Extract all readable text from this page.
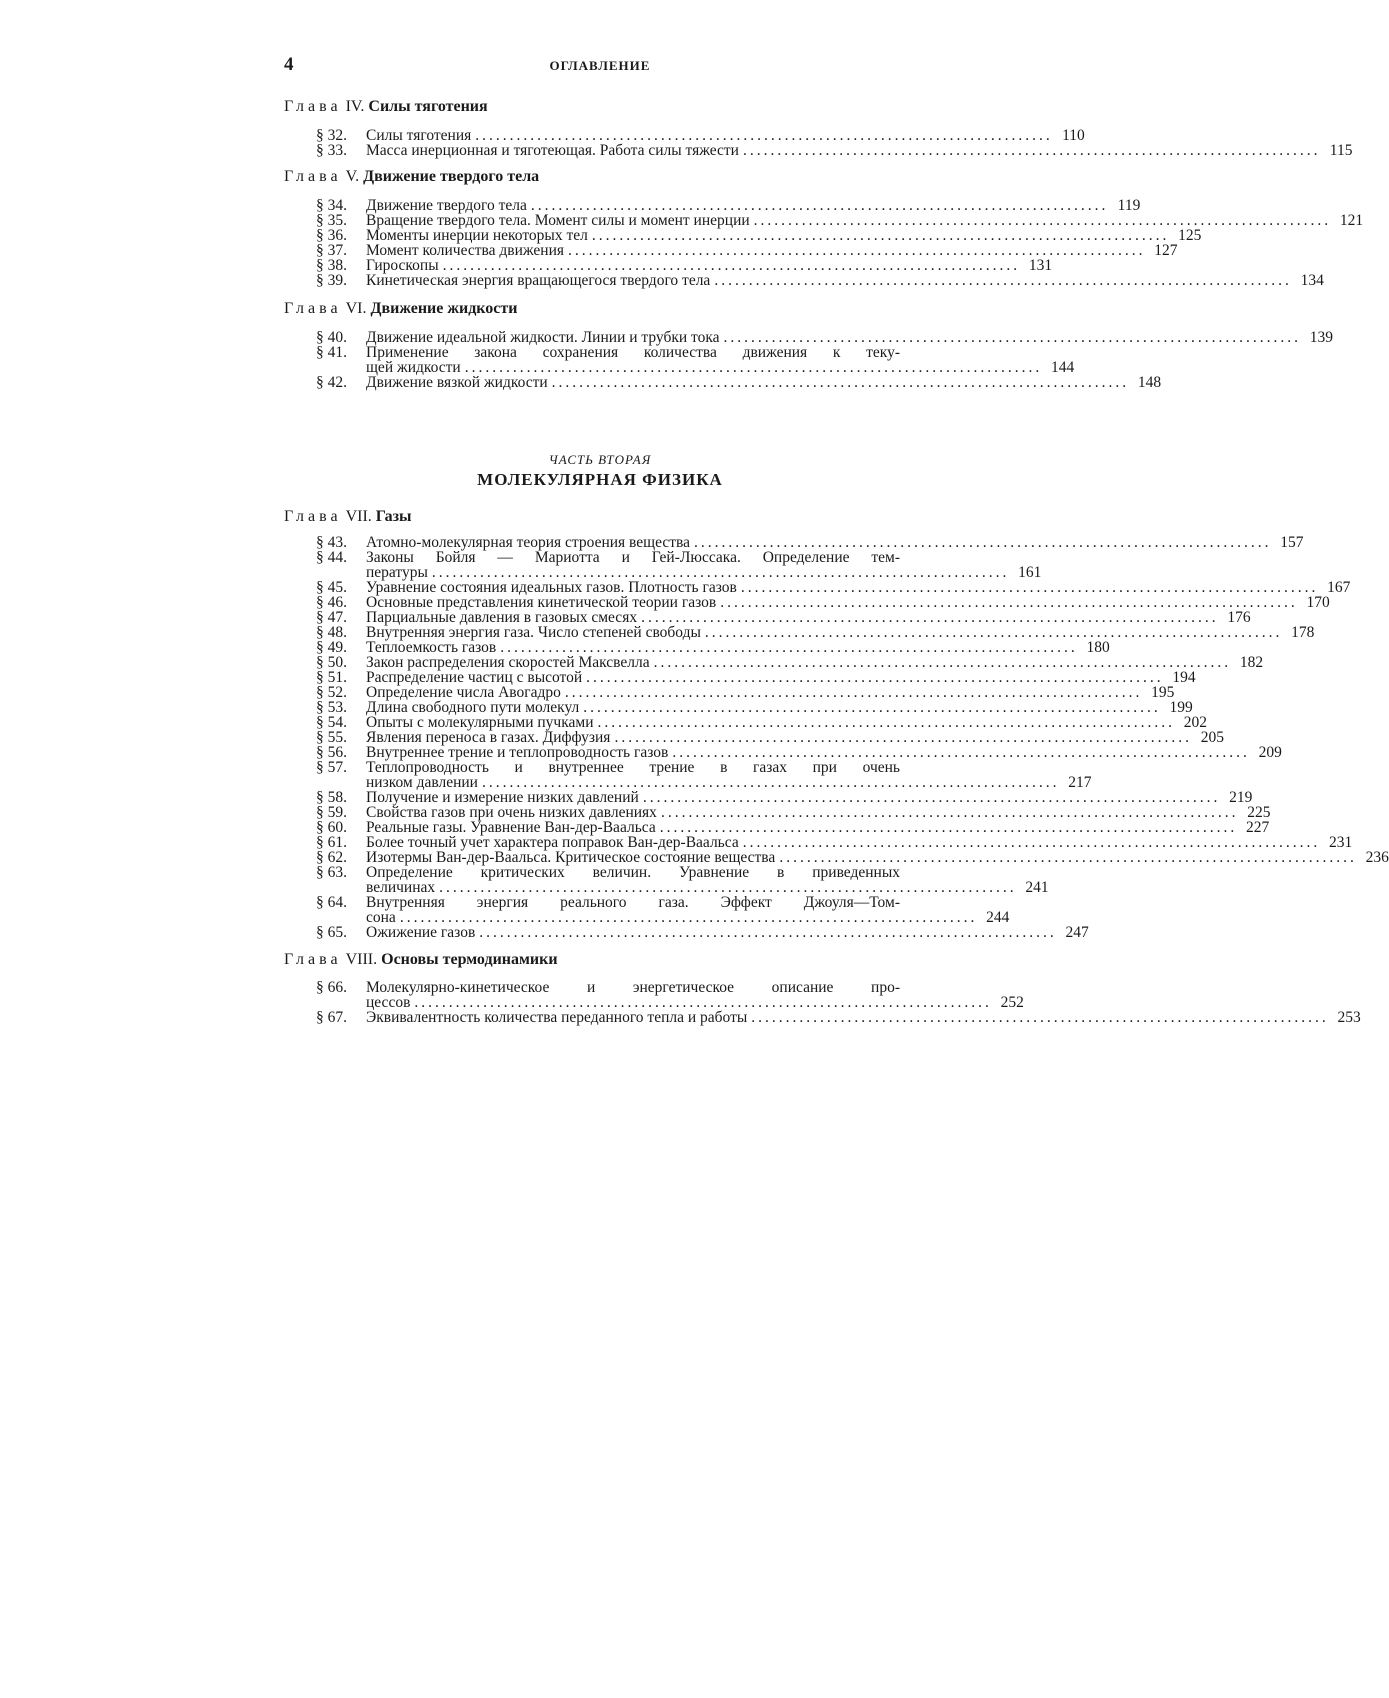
4	ОГЛАВЛЕНИЕ
Глава IV. Силы тяготения
§ 32.	Силы тяготения .................................................................................... 110
§ 33.	Масса инерционная и тяготеющая. Работа силы тяжести .................................................................................... 115
Глава V. Движение твердого тела
§ 34.	Движение твердого тела .................................................................................... 119
§ 35.	Вращение твердого тела. Момент силы и момент инерции .................................................................................... 121
§ 36.	Моменты инерции некоторых тел .................................................................................... 125
§ 37.	Момент количества движения .................................................................................... 127
§ 38.	Гироскопы .................................................................................... 131
§ 39.	Кинетическая энергия вращающегося твердого тела .................................................................................... 134
Глава VI. Движение жидкости
§ 40.	Движение идеальной жидкости. Линии и трубки тока .................................................................................... 139
§ 41.	Применение закона сохранения количества движения к теку-
щей жидкости .................................................................................... 144
§ 42.	Движение вязкой жидкости .................................................................................... 148
ЧАСТЬ ВТОРАЯ
МОЛЕКУЛЯРНАЯ ФИЗИКА
Глава VII. Газы
§ 43.	Атомно-молекулярная теория строения вещества .................................................................................... 157
§ 44.	Законы Бойля — Мариотта и Гей-Люссака. Определение тем-
пературы .................................................................................... 161
§ 45.	Уравнение состояния идеальных газов. Плотность газов .................................................................................... 167
§ 46.	Основные представления кинетической теории газов .................................................................................... 170
§ 47.	Парциальные давления в газовых смесях .................................................................................... 176
§ 48.	Внутренняя энергия газа. Число степеней свободы .................................................................................... 178
§ 49.	Теплоемкость газов .................................................................................... 180
§ 50.	Закон распределения скоростей Максвелла .................................................................................... 182
§ 51.	Распределение частиц с высотой .................................................................................... 194
§ 52.	Определение числа Авогадро .................................................................................... 195
§ 53.	Длина свободного пути молекул .................................................................................... 199
§ 54.	Опыты с молекулярными пучками .................................................................................... 202
§ 55.	Явления переноса в газах. Диффузия .................................................................................... 205
§ 56.	Внутреннее трение и теплопроводность газов .................................................................................... 209
§ 57.	Теплопроводность и внутреннее трение в газах при очень
низком давлении .................................................................................... 217
§ 58.	Получение и измерение низких давлений .................................................................................... 219
§ 59.	Свойства газов при очень низких давлениях .................................................................................... 225
§ 60.	Реальные газы. Уравнение Ван-дер-Ваальса .................................................................................... 227
§ 61.	Более точный учет характера поправок Ван-дер-Ваальса .................................................................................... 231
§ 62.	Изотермы Ван-дер-Ваальса. Критическое состояние вещества .................................................................................... 236
§ 63.	Определение критических величин. Уравнение в приведенных
величинах .................................................................................... 241
§ 64.	Внутренняя энергия реального газа. Эффект Джоуля—Том-
сона .................................................................................... 244
§ 65.	Ожижение газов .................................................................................... 247
Глава VIII. Основы термодинамики
§ 66.	Молекулярно-кинетическое и энергетическое описание про-
цессов .................................................................................... 252
§ 67.	Эквивалентность количества переданного тепла и работы .................................................................................... 253
